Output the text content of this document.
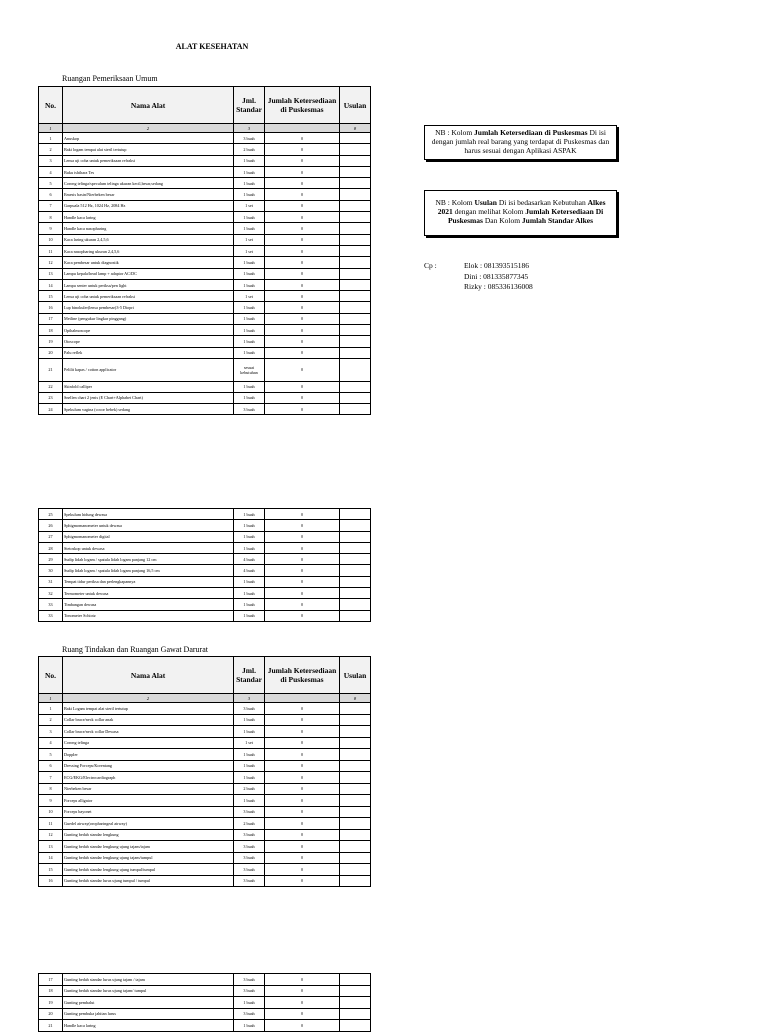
ALAT KESEHATAN
Ruangan Pemeriksaan Umum
No.	Nama Alat	Jml. Standar	Jumlah Ketersediaan di Puskesmas	Usulan
1	2	3		8
1	Anuskop	3 buah	0	
2	Baki logam tempat alat steril tertutup	2 buah	0	
3	Lensa uji coba untuk pemeriksaan refraksi	1 buah	0	
4	Buku ishihara Tes	1 buah	0	
5	Corong telinga/speculum telinga ukuran kecil,besar,sedang	1 buah	0	
6	Emesis basin/Nierbeken besar	1 buah	0	
7	Garpuala 512 Hz, 1024 Hz, 2084 Hz	1 set	0	
8	Handle kaca laring	1 buah	0	
9	Handle kaca nasopharing	1 buah	0	
10	Kaca laring ukuran 2,4,5,6	1 set	0	
11	Kaca nasopharing ukuran 2,4,5,6	1 set	0	
12	Kaca pembesar untuk diagnostik	1 buah	0	
13	Lampu kepala/head lamp + adaptor AC/DC	1 buah	0	
14	Lampu senter untuk periksa/pen light	1 buah	0	
15	Lensa uji coba untuk pemeriksaan refraksi	1 set	0	
16	Lup binokuler(lensa pembesar)3-5 Diopri	1 buah	0	
17	Metline (pengukur lingkar pinggang)	1 buah	0	
18	Opthalmoscope	1 buah	0	
19	Otoscope	1 buah	0	
20	Palu reflek	1 buah	0	
21	Pelilit kapas / cotton applicator	sesuai kebutuhan	0	
22	Skinfold calliper	1 buah	0	
23	Snellen chart 2 jenis (E Chart+Alphabet Chart)	1 buah	0	
24	Spekulum vagina (cocor bebek) sedang	3 buah	0	
25	Spekulum hidung dewasa	1 buah	0	
26	Sphigmomanometer untuk dewasa	1 buah	0	
27	Sphigmomanometer digital	1 buah	0	
28	Stetoskop untuk dewasa	1 buah	0	
29	Sudip lidah logam / spatula lidah logam panjang 12 cm	4 buah	0	
30	Sudip lidah logam / spatula lidah logam panjang 16,5 cm	4 buah	0	
31	Tempat tidur periksa dan perlengkapannya	1 buah	0	
32	Termometer untuk dewasa	1 buah	0	
33	Timbangan dewasa	1 buah	0	
33	Tonometer Schiotz	1 buah	0	
Ruang Tindakan dan Ruangan Gawat Darurat
No.	Nama Alat	Jml. Standar	Jumlah Ketersediaan di Puskesmas	Usulan
1	2	3		8
1	Baki Logam tempat alat steril tertutup	3 buah	0	
2	Collar brace/neck collar anak	1 buah	0	
3	Collar brace/neck collar Dewasa	1 buah	0	
4	Corong telinga	1 set	0	
5	Doppler	1 buah	0	
6	Dressing Forceps/Korentang	1 buah	0	
7	ECG/EKG/Electrocardiograph	1 buah	0	
8	Nierbeken besar	2 buah	0	
9	Forceps alligator	1 buah	0	
10	Forceps bayonet	3 buah	0	
11	Guedel airway(oropharingeal airway)	2 buah	0	
12	Gunting bedah standar lengkung	3 buah	0	
13	Gunting bedah standar lengkung ujung tajam/tajam	3 buah	0	
14	Gunting bedah standar lengkung ujung tajam/tumpul	3 buah	0	
15	Gunting bedah standar lengkung ujung tumpul/tumpul	3 buah	0	
16	Gunting bedah standar lurus ujung tumpul / tumpul	3 buah	0	
17	Gunting bedah standar lurus ujung tajam / tajam	3 buah	0	
18	Gunting bedah standar lurus ujung tajam/ tumpul	3 buah	0	
19	Gunting pembalut	1 buah	0	
20	Gunting pembuka jahitan lurus	3 buah	0	
21	Handle kaca laring	1 buah	0	
NB : Kolom Jumlah Ketersediaan di Puskesmas Di isi dengan jumlah real barang yang terdapat di Puskesmas dan harus sesuai dengan Aplikasi ASPAK
NB : Kolom Usulan Di isi bedasarkan Kebutuhan Alkes 2021 dengan melihat Kolom Jumlah Ketersediaan Di Puskesmas Dan Kolom Jumlah Standar Alkes
Cp :	Elok : 081393515186
Dini : 081335877345
Rizky : 085336136008
